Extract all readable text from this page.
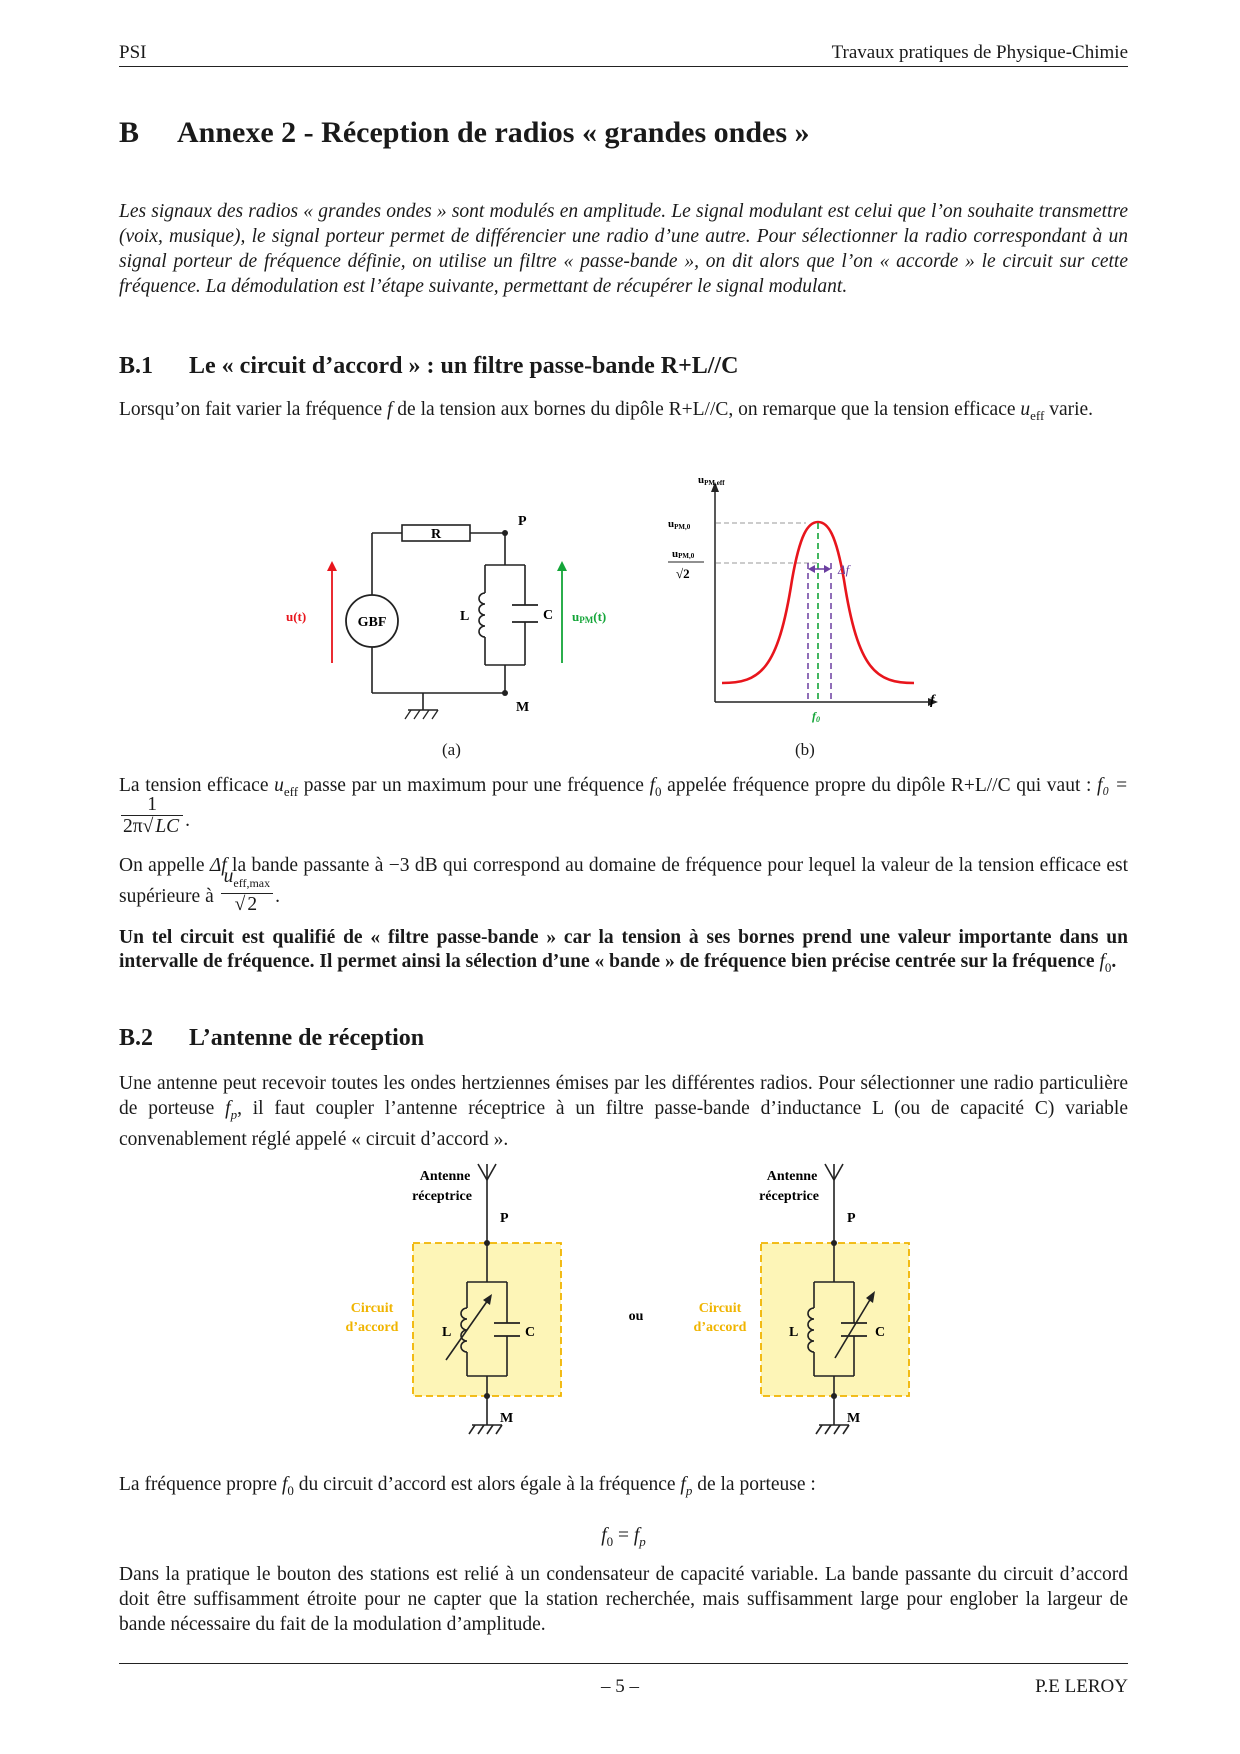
PSI	Travaux pratiques de Physique-Chimie
B Annexe 2 - Réception de radios « grandes ondes »
Les signaux des radios « grandes ondes » sont modulés en amplitude. Le signal modulant est celui que l’on souhaite transmettre (voix, musique), le signal porteur permet de différencier une radio d’une autre. Pour sélectionner la radio correspondant à un signal porteur de fréquence définie, on utilise un filtre « passe-bande », on dit alors que l’on « accorde » le circuit sur cette fréquence. La démodulation est l’étape suivante, permettant de récupérer le signal modulant.
B.1 Le « circuit d’accord » : un filtre passe-bande R+L//C
Lorsqu’on fait varier la fréquence f de la tension aux bornes du dipôle R+L//C, on remarque que la tension efficace $u_{eff}$ varie.
R
GBF
P
M
L	C
u(t)	uPM(t)
(a)
uPM,eff
f
uPM,0
uPM,0
√2	Δf
f0
(b)
La tension efficace $u_{eff}$ passe par un maximum pour une fréquence $f_0$ appelée fréquence propre du dipôle R+L//C qui vaut : f₀ =
$\frac{1}{2\pi√ LC}$ .
On appelle Δf la bande passante à −3 dB qui correspond au domaine de fréquence pour lequel la valeur de la tension efficace est supérieure à $\frac{u_{eff,max}}{√ 2}$ .
Un tel circuit est qualifié de « filtre passe-bande » car la tension à ses bornes prend une valeur importante dans un intervalle de fréquence. Il permet ainsi la sélection d’une « bande » de fréquence bien précise centrée sur la fréquence $f_0$.
B.2 L’antenne de réception
Une antenne peut recevoir toutes les ondes hertziennes émises par les différentes radios. Pour sélectionner une radio particulière de porteuse $f_p$, il faut coupler l’antenne réceptrice à un filtre passe-bande d’inductance L (ou de capacité C) variable convenablement réglé appelé « circuit d’accord ».
Antenne
réceptrice
P
M
L	C
Circuit
d’accord
ou
Antenne
réceptrice
P
M
L	C
Circuit
d’accord
La fréquence propre $f_0$ du circuit d’accord est alors égale à la fréquence $f_p$ de la porteuse :
$f_0 = f_p$
Dans la pratique le bouton des stations est relié à un condensateur de capacité variable. La bande passante du circuit d’accord doit être suffisamment étroite pour ne capter que la station recherchée, mais suffisamment large pour englober la largeur de bande nécessaire du fait de la modulation d’amplitude.
– 5 –	P.E LEROY
